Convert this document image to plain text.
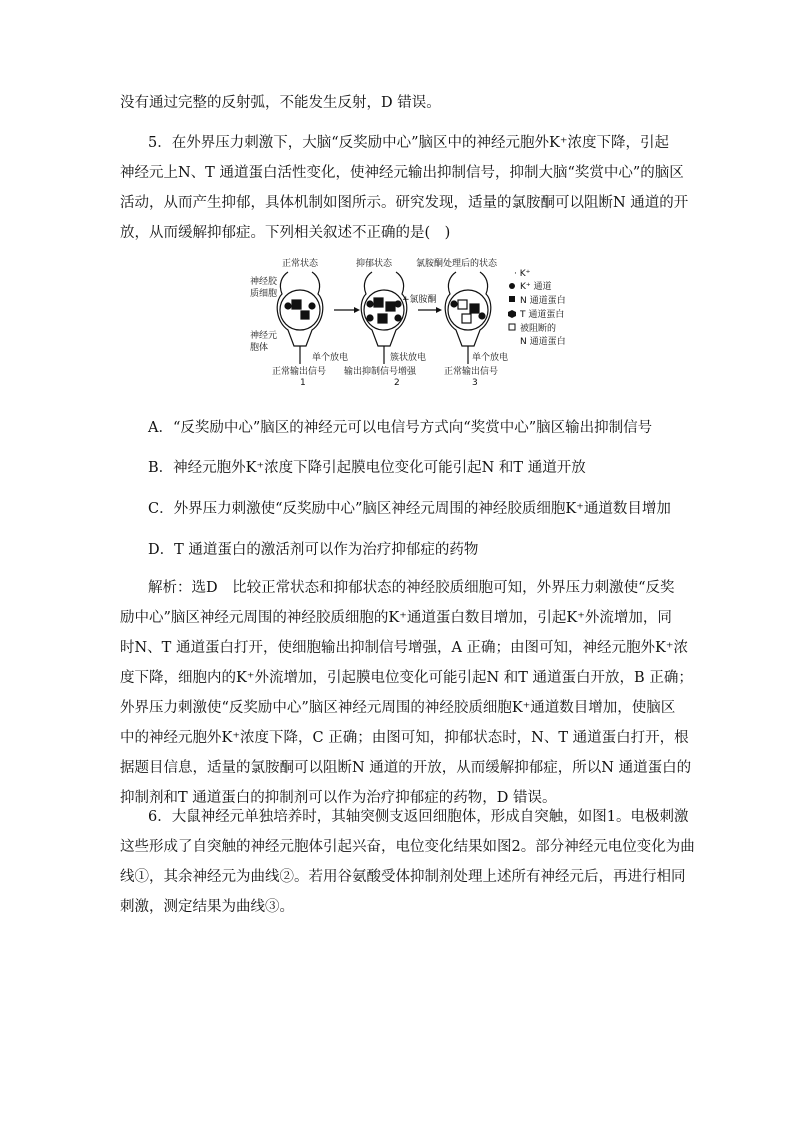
没有通过完整的反射弧，不能发生反射，D 错误。
5．在外界压力刺激下，大脑“反奖励中心”脑区中的神经元胞外K⁺浓度下降，引起
神经元上N、T 通道蛋白活性变化，使神经元输出抑制信号，抑制大脑“奖赏中心”的脑区
活动，从而产生抑郁，具体机制如图所示。研究发现，适量的氯胺酮可以阻断N 通道的开
放，从而缓解抑郁症。下列相关叙述不正确的是(　)
正常状态	抑郁状态	氯胺酮处理后的状态
神经胶
质细胞
神经元
胞体
+氯胺酮
单个放电	簇状放电	单个放电
正常输出信号 输出抑制信号增强	正常输出信号
1	2	3
· K⁺
K⁺ 通道
N 通道蛋白
T 通道蛋白
被阻断的
N 通道蛋白
A．“反奖励中心”脑区的神经元可以电信号方式向“奖赏中心”脑区输出抑制信号
B．神经元胞外K⁺浓度下降引起膜电位变化可能引起N 和T 通道开放
C．外界压力刺激使“反奖励中心”脑区神经元周围的神经胶质细胞K⁺通道数目增加
D．T 通道蛋白的激活剂可以作为治疗抑郁症的药物
解析：选D　比较正常状态和抑郁状态的神经胶质细胞可知，外界压力刺激使“反奖
励中心”脑区神经元周围的神经胶质细胞的K⁺通道蛋白数目增加，引起K⁺外流增加，同
时N、T 通道蛋白打开，使细胞输出抑制信号增强，A 正确；由图可知，神经元胞外K⁺浓
度下降，细胞内的K⁺外流增加，引起膜电位变化可能引起N 和T 通道蛋白开放，B 正确；
外界压力刺激使“反奖励中心”脑区神经元周围的神经胶质细胞K⁺通道数目增加，使脑区
中的神经元胞外K⁺浓度下降，C 正确；由图可知，抑郁状态时，N、T 通道蛋白打开，根
据题目信息，适量的氯胺酮可以阻断N 通道的开放，从而缓解抑郁症，所以N 通道蛋白的
抑制剂和T 通道蛋白的抑制剂可以作为治疗抑郁症的药物，D 错误。
6．大鼠神经元单独培养时，其轴突侧支返回细胞体，形成自突触，如图1。电极刺激
这些形成了自突触的神经元胞体引起兴奋，电位变化结果如图2。部分神经元电位变化为曲
线①，其余神经元为曲线②。若用谷氨酸受体抑制剂处理上述所有神经元后，再进行相同
刺激，测定结果为曲线③。
